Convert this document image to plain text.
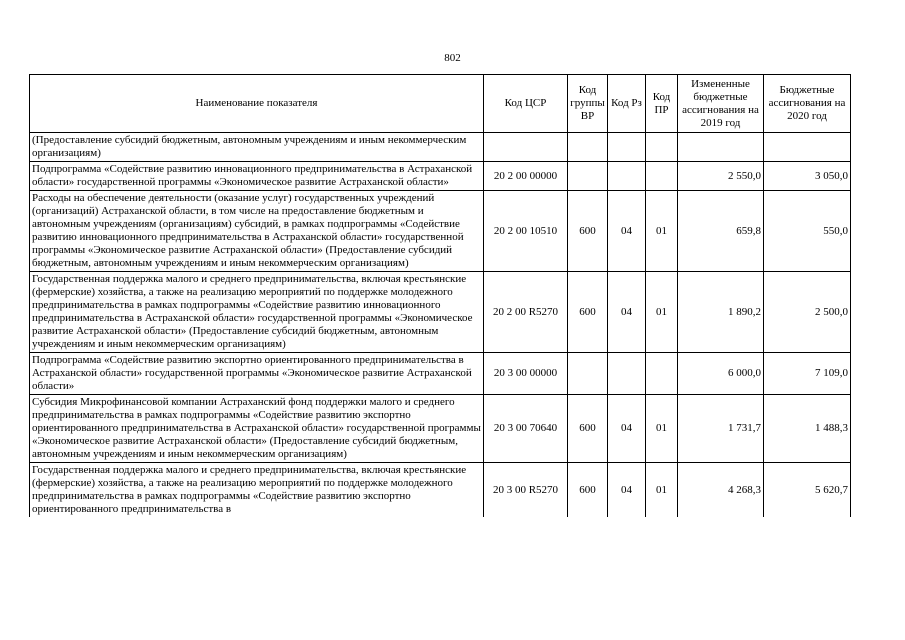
802
Наименование показателя	Код ЦСР	Код группы ВР	Код Рз	Код ПР	Измененные бюджетные ассигнования на 2019 год	Бюджетные ассигнования на 2020 год
(Предоставление субсидий бюджетным, автономным учреждениям и иным некоммерческим организациям)						
Подпрограмма «Содействие развитию инновационного предпринимательства в Астраханской области» государственной программы «Экономическое развитие Астраханской области»	20 2 00 00000				2 550,0	3 050,0
Расходы на обеспечение деятельности (оказание услуг) государственных учреждений (организаций) Астраханской области, в том числе на предоставление бюджетным и автономным учреждениям (организациям) субсидий, в рамках подпрограммы «Содействие развитию инновационного предпринимательства в Астраханской области» государственной программы «Экономическое развитие Астраханской области» (Предоставление субсидий бюджетным, автономным учреждениям и иным некоммерческим организациям)	20 2 00 10510	600	04	01	659,8	550,0
Государственная поддержка малого и среднего предпринимательства, включая крестьянские (фермерские) хозяйства, а также на реализацию мероприятий по поддержке молодежного предпринимательства в рамках подпрограммы «Содействие развитию инновационного предпринимательства в Астраханской области» государственной программы «Экономическое развитие Астраханской области» (Предоставление субсидий бюджетным, автономным учреждениям и иным некоммерческим организациям)	20 2 00 R5270	600	04	01	1 890,2	2 500,0
Подпрограмма «Содействие развитию экспортно ориентированного предпринимательства в Астраханской области» государственной программы «Экономическое развитие Астраханской области»	20 3 00 00000				6 000,0	7 109,0
Субсидия Микрофинансовой компании Астраханский фонд поддержки малого и среднего предпринимательства в рамках подпрограммы «Содействие развитию экспортно ориентированного предпринимательства в Астраханской области» государственной программы «Экономическое развитие Астраханской области» (Предоставление субсидий бюджетным, автономным учреждениям и иным некоммерческим организациям)	20 3 00 70640	600	04	01	1 731,7	1 488,3
Государственная поддержка малого и среднего предпринимательства, включая крестьянские (фермерские) хозяйства, а также на реализацию мероприятий по поддержке молодежного предпринимательства в рамках подпрограммы «Содействие развитию экспортно ориентированного предпринимательства в	20 3 00 R5270	600	04	01	4 268,3	5 620,7
